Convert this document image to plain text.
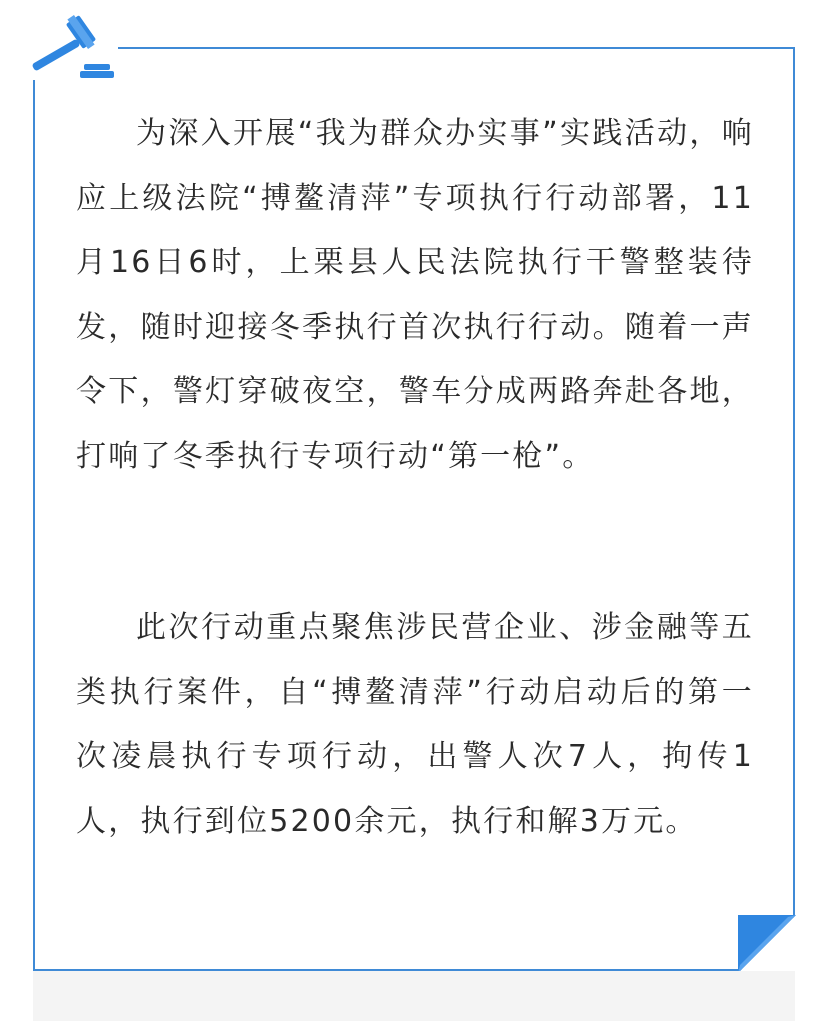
为深入开展“我为群众办实事”实践活动，响应上级法院“搏鳌清萍”专项执行行动部署，11月16日6时，上栗县人民法院执行干警整装待发，随时迎接冬季执行首次执行行动。随着一声令下，警灯穿破夜空，警车分成两路奔赴各地，打响了冬季执行专项行动“第一枪”。

此次行动重点聚焦涉民营企业、涉金融等五类执行案件，自“搏鳌清萍”行动启动后的第一次凌晨执行专项行动，出警人次7人，拘传1人，执行到位5200余元，执行和解3万元。
